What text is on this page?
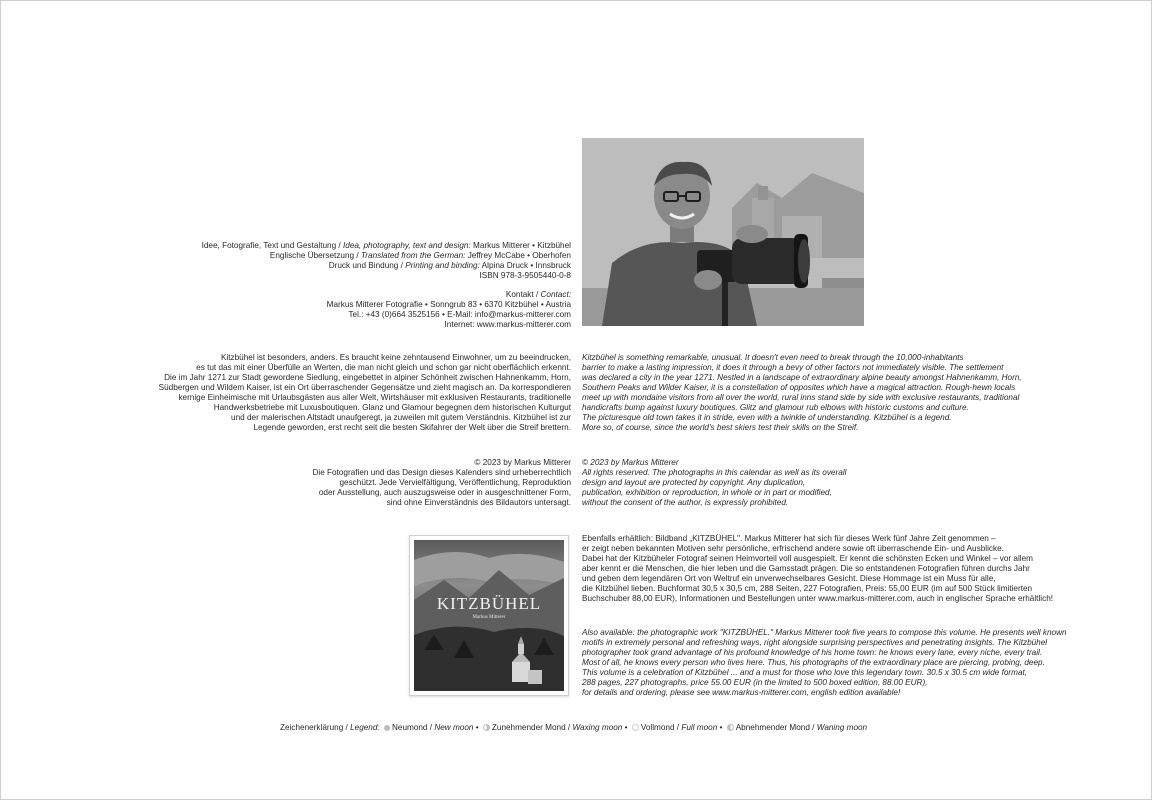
Idee, Fotografie, Text und Gestaltung / Idea, photography, text and design: Markus Mitterer • Kitzbühel
Englische Übersetzung / Translated from the German: Jeffrey McCabe • Oberhofen
Druck und Bindung / Printing and binding: Alpina Druck • Innsbruck
ISBN 978-3-9505440-0-8
Kontakt / Contact:
Markus Mitterer Fotografie • Sonngrub 83 • 6370 Kitzbühel • Austria
Tel.: +43 (0)664 3525156 • E-Mail: info@markus-mitterer.com
Internet: www.markus-mitterer.com
Kitzbühel ist besonders, anders. Es braucht keine zehntausend Einwohner, um zu beeindrucken,
es tut das mit einer Überfülle an Werten, die man nicht gleich und schon gar nicht oberflächlich erkennt.
Die im Jahr 1271 zur Stadt gewordene Siedlung, eingebettet in alpiner Schönheit zwischen Hahnenkamm, Horn,
Südbergen und Wildem Kaiser, ist ein Ort überraschender Gegensätze und zieht magisch an. Da korrespondieren
kernige Einheimische mit Urlaubsgästen aus aller Welt, Wirtshäuser mit exklusiven Restaurants, traditionelle
Handwerksbetriebe mit Luxusboutiquen. Glanz und Glamour begegnen dem historischen Kulturgut
und der malerischen Altstadt unaufgeregt, ja zuweilen mit gutem Verständnis. Kitzbühel ist zur
Legende geworden, erst recht seit die besten Skifahrer der Welt über die Streif brettern.
Kitzbühel is something remarkable, unusual. It doesn't even need to break through the 10,000-inhabitants
barrier to make a lasting impression, it does it through a bevy of other factors not immediately visible. The settlement
was declared a city in the year 1271. Nestled in a landscape of extraordinary alpine beauty amongst Hahnenkamm, Horn,
Southern Peaks and Wilder Kaiser, it is a constellation of opposites which have a magical attraction. Rough-hewn locals
meet up with mondaine visitors from all over the world, rural inns stand side by side with exclusive restaurants, traditional
handicrafts bump against luxury boutiques. Glitz and glamour rub elbows with historic customs and culture.
The picturesque old town takes it in stride, even with a twinkle of understanding. Kitzbühel is a legend.
More so, of course, since the world's best skiers test their skills on the Streif.
© 2023 by Markus Mitterer
Die Fotografien und das Design dieses Kalenders sind urheberrechtlich
geschützt. Jede Vervielfältigung, Veröffentlichung, Reproduktion
oder Ausstellung, auch auszugsweise oder in ausgeschnittener Form,
sind ohne Einverständnis des Bildautors untersagt.
© 2023 by Markus Mitterer
All rights reserved. The photographs in this calendar as well as its overall
design and layout are protected by copyright. Any duplication,
publication, exhibition or reproduction, in whole or in part or modified,
without the consent of the author, is expressly prohibited.
KITZBÜHEL
Markus Mitterer
Ebenfalls erhältlich: Bildband „KITZBÜHEL". Markus Mitterer hat sich für dieses Werk fünf Jahre Zeit genommen –
er zeigt neben bekannten Motiven sehr persönliche, erfrischend andere sowie oft überraschende Ein- und Ausblicke.
Dabei hat der Kitzbüheler Fotograf seinen Heimvorteil voll ausgespielt. Er kennt die schönsten Ecken und Winkel – vor allem
aber kennt er die Menschen, die hier leben und die Gamsstadt prägen. Die so entstandenen Fotografien führen durchs Jahr
und geben dem legendären Ort von Weltruf ein unverwechselbares Gesicht. Diese Hommage ist ein Muss für alle,
die Kitzbühel lieben. Buchformat 30,5 x 30,5 cm, 288 Seiten, 227 Fotografien, Preis: 55,00 EUR (im auf 500 Stück limitierten
Buchschuber 88,00 EUR), Informationen und Bestellungen unter www.markus-mitterer.com, auch in englischer Sprache erhältlich!
Also available: the photographic work "KITZBÜHEL." Markus Mitterer took five years to compose this volume. He presents well known
motifs in extremely personal and refreshing ways, right alongside surprising perspectives and penetrating insights. The Kitzbühel
photographer took grand advantage of his profound knowledge of his home town: he knows every lane, every niche, every trail.
Most of all, he knows every person who lives here. Thus, his photographs of the extraordinary place are piercing, probing, deep.
This volume is a celebration of Kitzbühel ... and a must for those who love this legendary town. 30.5 x 30.5 cm wide format,
288 pages, 227 photographs, price 55.00 EUR (in the limited to 500 boxed edition, 88.00 EUR),
for details and ordering, please see www.markus-mitterer.com, english edition available!
Zeichenerklärung / Legend: Neumond / New moon • Zunehmender Mond / Waxing moon • Vollmond / Full moon • Abnehmender Mond / Waning moon
